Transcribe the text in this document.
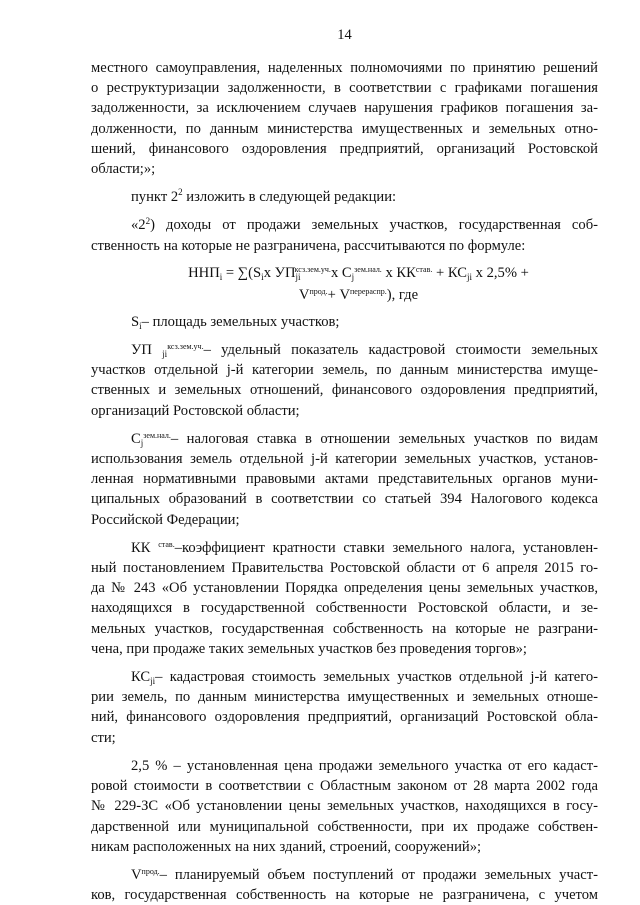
14

местного самоуправления, наделенных полномочиями по принятию решений
о реструктуризации задолженности, в соответствии с графиками погашения
задолженности, за исключением случаев нарушения графиков погашения за-
долженности, по данным министерства имущественных и земельных отно-
шений, финансового оздоровления предприятий, организаций Ростовской
области;»;

пункт $2^2$ изложить в следующей редакции:

«$2^2$) доходы от продажи земельных участков, государственная соб-
ственность на которые не разграничена, рассчитываются по формуле:

$ННП_i = \sum(S_ix$ $УП_{ji}^{ксз.зем.уч.}x$ $C_j^{зем.нал.}$ x $КК^{став.} + КС_{ji}$ x 2,5% +
$V^{прод.}+ V^{перераспр.}$), где

$S_i-$ площадь земельных участков;

УП $_{ji}^{ксз.зем.уч.}$– удельный показатель кадастровой стоимости земельных
участков отдельной j-й категории земель, по данным министерства имуще-
ственных и земельных отношений, финансового оздоровления предприятий,
организаций Ростовской области;

$C_j^{зем.нал.}-$ налоговая ставка в отношении земельных участков по видам
использования земель отдельной j-й категории земельных участков, установ-
ленная нормативными правовыми актами представительных органов муни-
ципальных образований в соответствии со статьей 394 Налогового кодекса
Российской Федерации;

КК $^{став.}$–коэффициент кратности ставки земельного налога, установлен-
ный постановлением Правительства Ростовской области от 6 апреля 2015 го-
да № 243 «Об установлении Порядка определения цены земельных участков,
находящихся в государственной собственности Ростовской области, и зе-
мельных участков, государственная собственность на которые не разграни-
чена, при продаже таких земельных участков без проведения торгов»;

$КС_{ji}-$ кадастровая стоимость земельных участков отдельной j-й катего-
рии земель, по данным министерства имущественных и земельных отноше-
ний, финансового оздоровления предприятий, организаций Ростовской обла-
сти;

2,5 % – установленная цена продажи земельного участка от его кадаст-
ровой стоимости в соответствии с Областным законом от 28 марта 2002 года
№ 229-ЗС «Об установлении цены земельных участков, находящихся в госу-
дарственной или муниципальной собственности, при их продаже собствен-
никам расположенных на них зданий, строений, сооружений»;

$V^{прод.}-$ планируемый объем поступлений от продажи земельных участ-
ков, государственная собственность на которые не разграничена, с учетом
